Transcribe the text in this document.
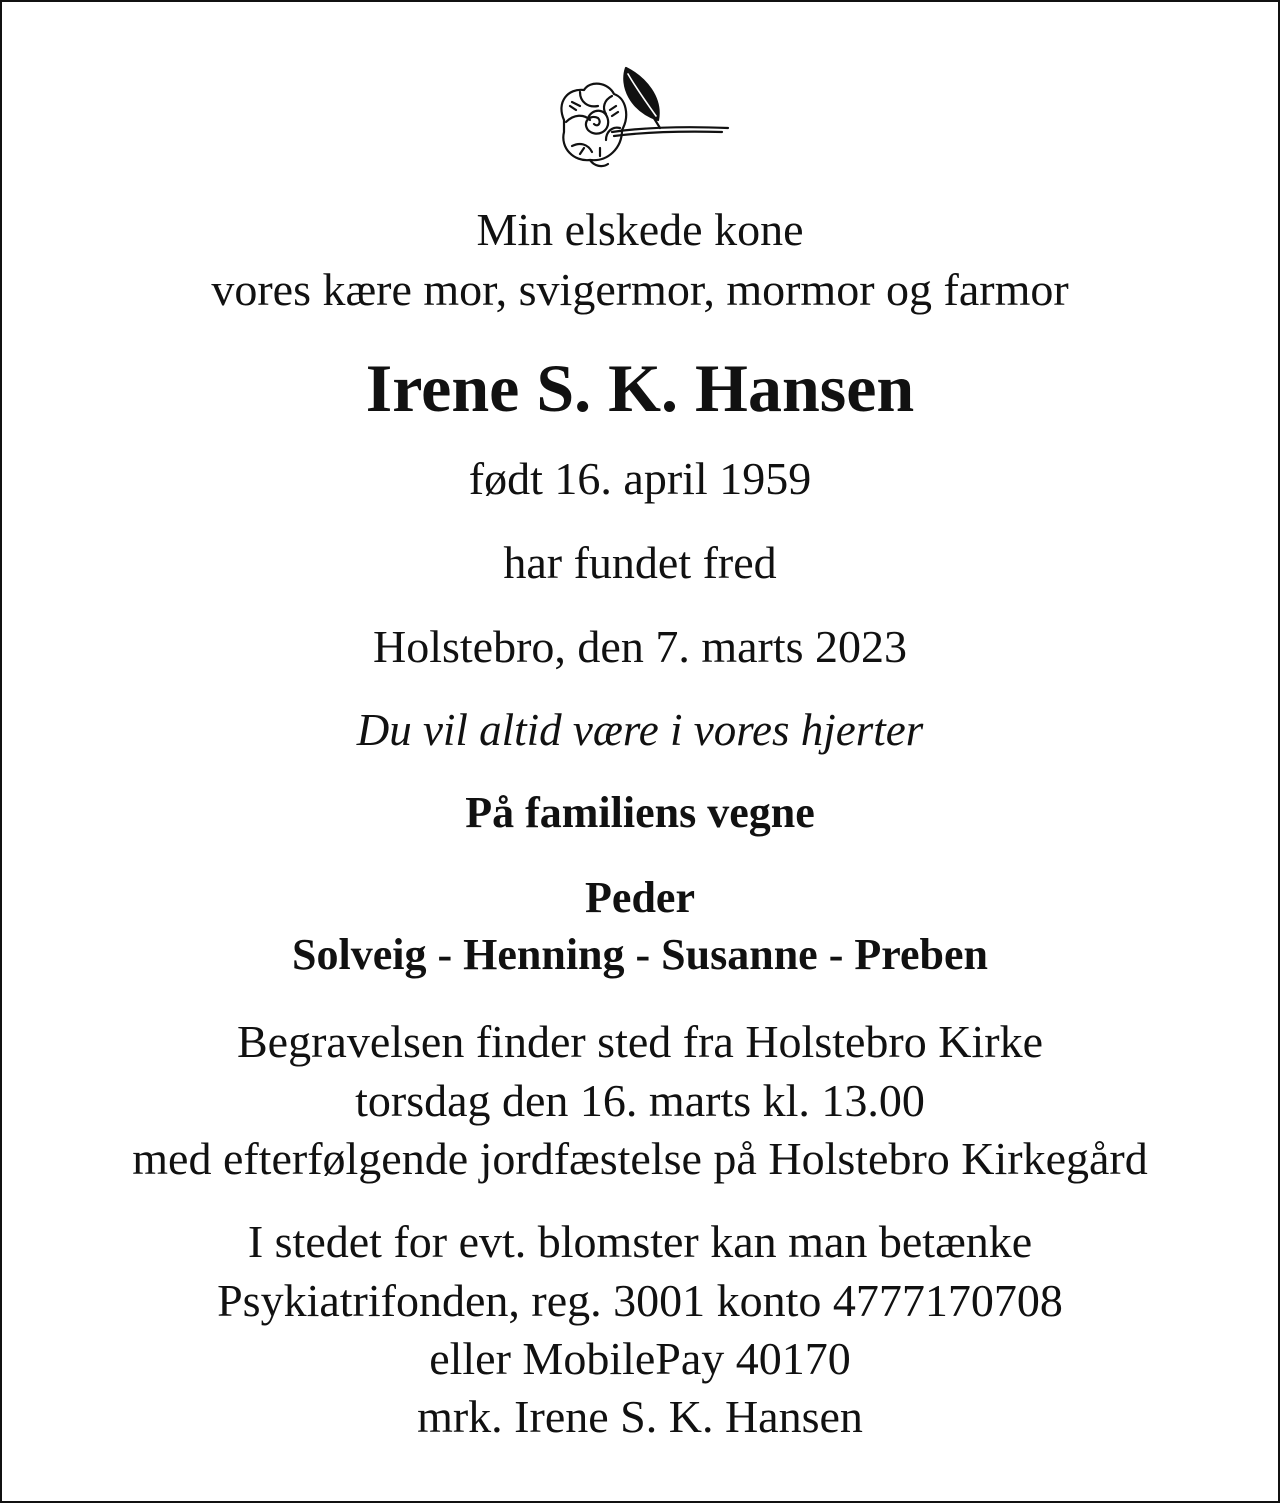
Min elskede kone
vores kære mor, svigermor, mormor og farmor
Irene S. K. Hansen
født 16. april 1959
har fundet fred
Holstebro, den 7. marts 2023
Du vil altid være i vores hjerter
På familiens vegne
Peder
Solveig - Henning - Susanne - Preben
Begravelsen finder sted fra Holstebro Kirke
torsdag den 16. marts kl. 13.00
med efterfølgende jordfæstelse på Holstebro Kirkegård
I stedet for evt. blomster kan man betænke
Psykiatrifonden, reg. 3001 konto 4777170708
eller MobilePay 40170
mrk. Irene S. K. Hansen
